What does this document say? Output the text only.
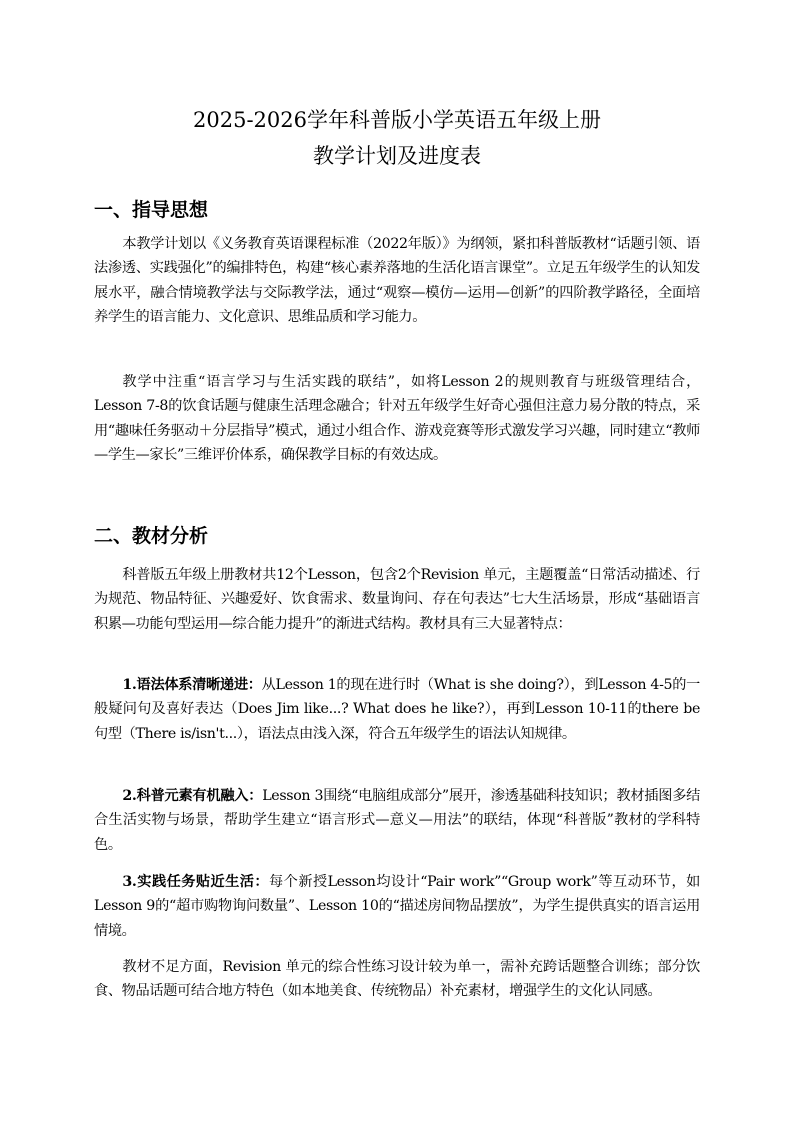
2025-2026学年科普版小学英语五年级上册
教学计划及进度表
一、指导思想
本教学计划以《义务教育英语课程标准（2022年版）》为纲领，紧扣科普版教材“话题引领、语法渗透、实践强化”的编排特色，构建“核心素养落地的生活化语言课堂”。立足五年级学生的认知发展水平，融合情境教学法与交际教学法，通过“观察—模仿—运用—创新”的四阶教学路径，全面培养学生的语言能力、文化意识、思维品质和学习能力。
教学中注重“语言学习与生活实践的联结”，如将Lesson 2的规则教育与班级管理结合，Lesson 7-8的饮食话题与健康生活理念融合；针对五年级学生好奇心强但注意力易分散的特点，采用“趣味任务驱动＋分层指导”模式，通过小组合作、游戏竞赛等形式激发学习兴趣，同时建立“教师—学生—家长”三维评价体系，确保教学目标的有效达成。
二、教材分析
科普版五年级上册教材共12个Lesson，包含2个Revision 单元，主题覆盖“日常活动描述、行为规范、物品特征、兴趣爱好、饮食需求、数量询问、存在句表达”七大生活场景，形成“基础语言积累—功能句型运用—综合能力提升”的渐进式结构。教材具有三大显著特点：
1.语法体系清晰递进：从Lesson 1的现在进行时（What is she doing?），到Lesson 4-5的一般疑问句及喜好表达（Does Jim like...? What does he like?），再到Lesson 10-11的there be句型（There is/isn't...），语法点由浅入深，符合五年级学生的语法认知规律。
2.科普元素有机融入：Lesson 3围绕“电脑组成部分”展开，渗透基础科技知识；教材插图多结合生活实物与场景，帮助学生建立“语言形式—意义—用法”的联结，体现“科普版”教材的学科特色。
3.实践任务贴近生活：每个新授Lesson均设计“Pair work”“Group work”等互动环节，如Lesson 9的“超市购物询问数量”、Lesson 10的“描述房间物品摆放”，为学生提供真实的语言运用情境。
教材不足方面，Revision 单元的综合性练习设计较为单一，需补充跨话题整合训练；部分饮食、物品话题可结合地方特色（如本地美食、传统物品）补充素材，增强学生的文化认同感。
